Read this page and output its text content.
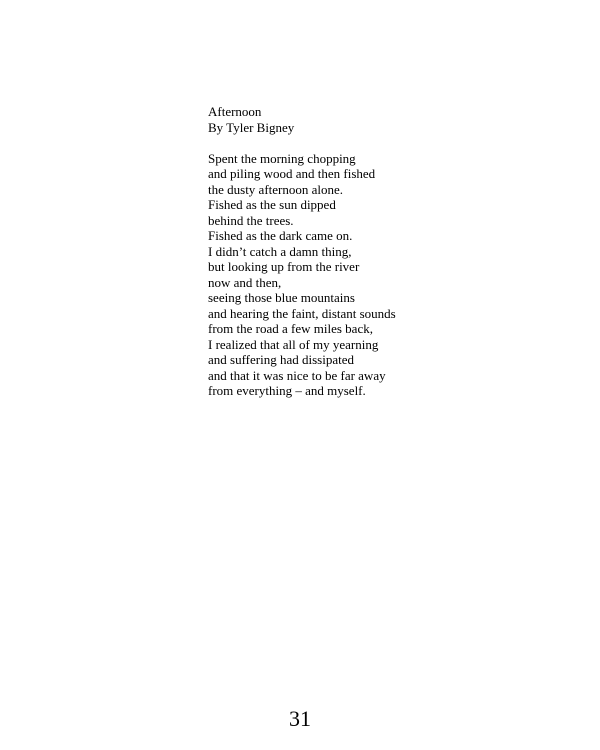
Afternoon
By Tyler Bigney
Spent the morning chopping
and piling wood and then fished
the dusty afternoon alone.
Fished as the sun dipped
behind the trees.
Fished as the dark came on.
I didn’t catch a damn thing,
but looking up from the river
now and then,
seeing those blue mountains
and hearing the faint, distant sounds
from the road a few miles back,
I realized that all of my yearning
and suffering had dissipated
and that it was nice to be far away
from everything – and myself.
31
